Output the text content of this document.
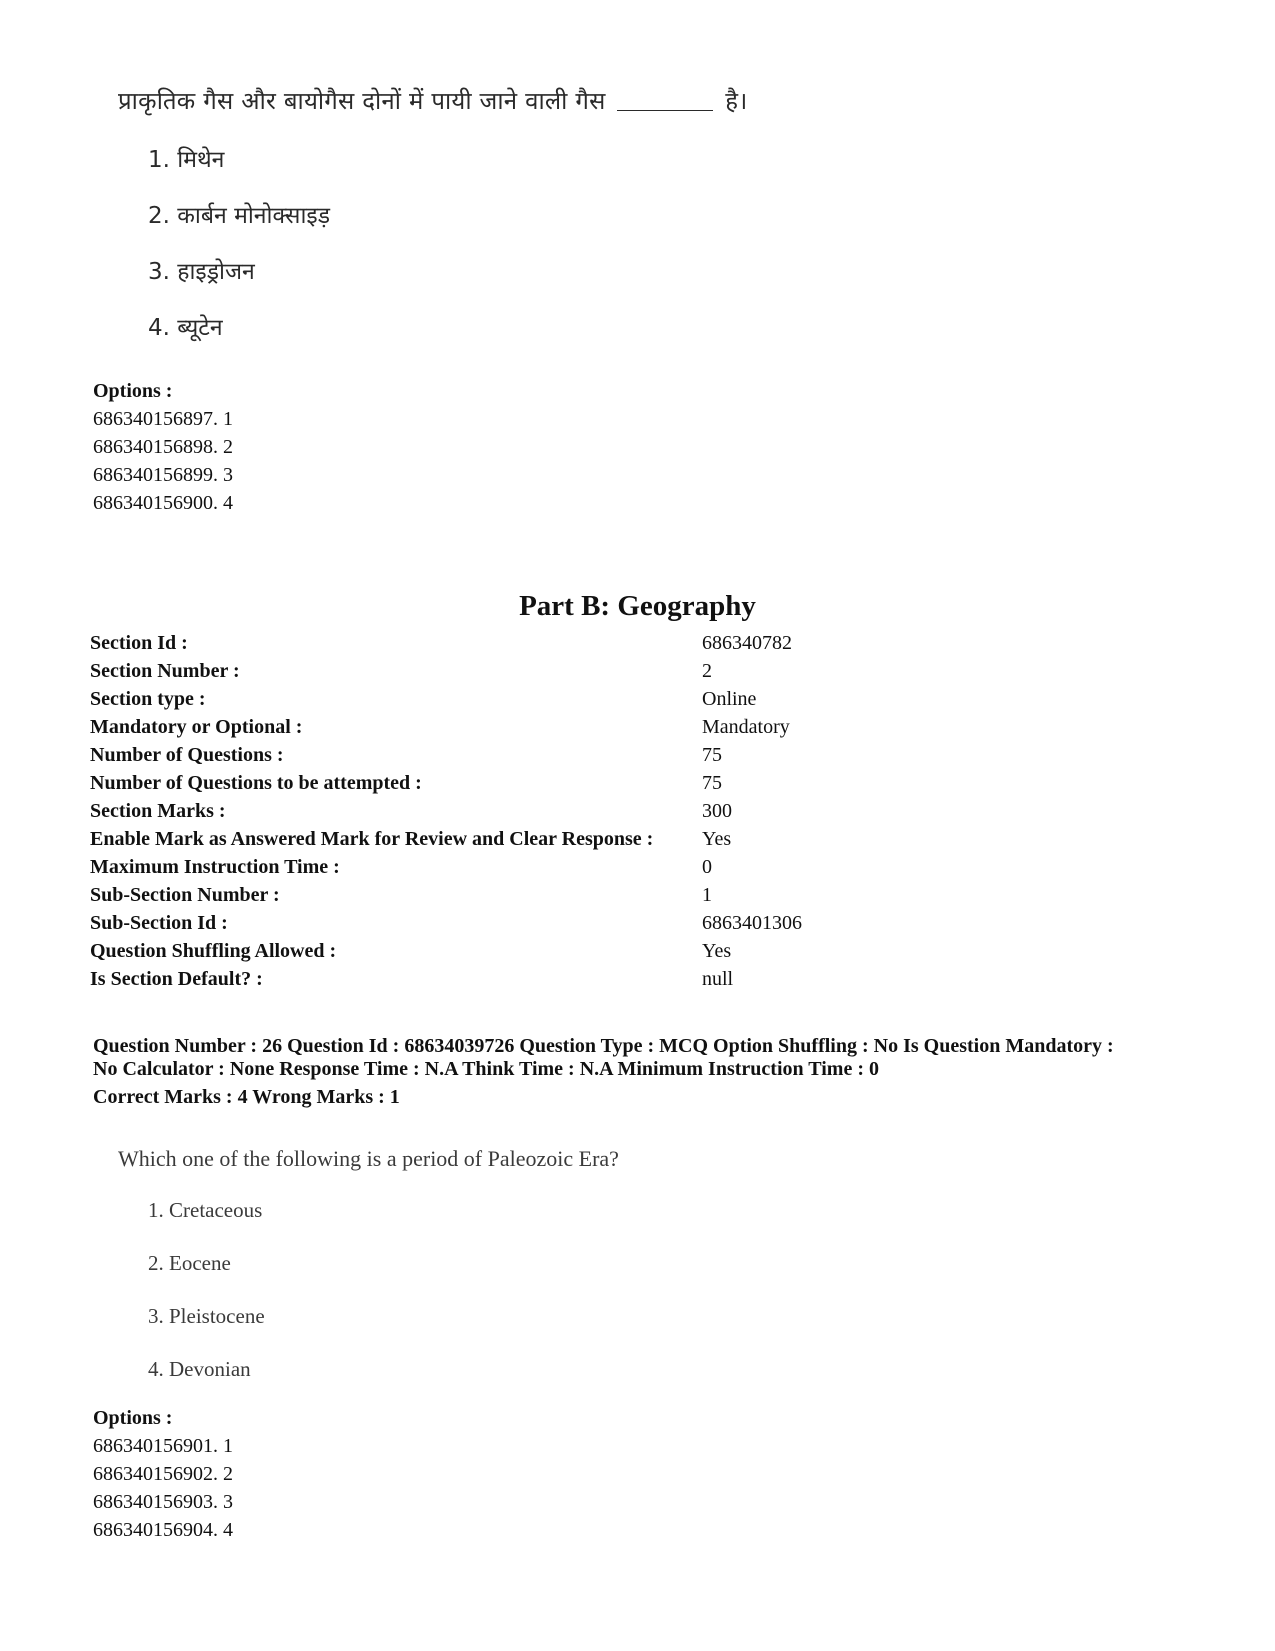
प्राकृतिक गैस और बायोगैस दोनों में पायी जाने वाली गैस	है।
1. मिथेन
2. कार्बन मोनोक्साइड़
3. हाइड्रोजन
4. ब्यूटेन
Options :
686340156897. 1
686340156898. 2
686340156899. 3
686340156900. 4
Part B: Geography
Section Id :	686340782
Section Number :	2
Section type :	Online
Mandatory or Optional :	Mandatory
Number of Questions :	75
Number of Questions to be attempted :	75
Section Marks :	300
Enable Mark as Answered Mark for Review and Clear Response : Yes
Maximum Instruction Time :	0
Sub-Section Number :	1
Sub-Section Id :	6863401306
Question Shuffling Allowed :	Yes
Is Section Default? :	null
Question Number : 26 Question Id : 68634039726 Question Type : MCQ Option Shuffling : No Is Question Mandatory :
No Calculator : None Response Time : N.A Think Time : N.A Minimum Instruction Time : 0
Correct Marks : 4 Wrong Marks : 1
Which one of the following is a period of Paleozoic Era?
1. Cretaceous
2. Eocene
3. Pleistocene
4. Devonian
Options :
686340156901. 1
686340156902. 2
686340156903. 3
686340156904. 4
